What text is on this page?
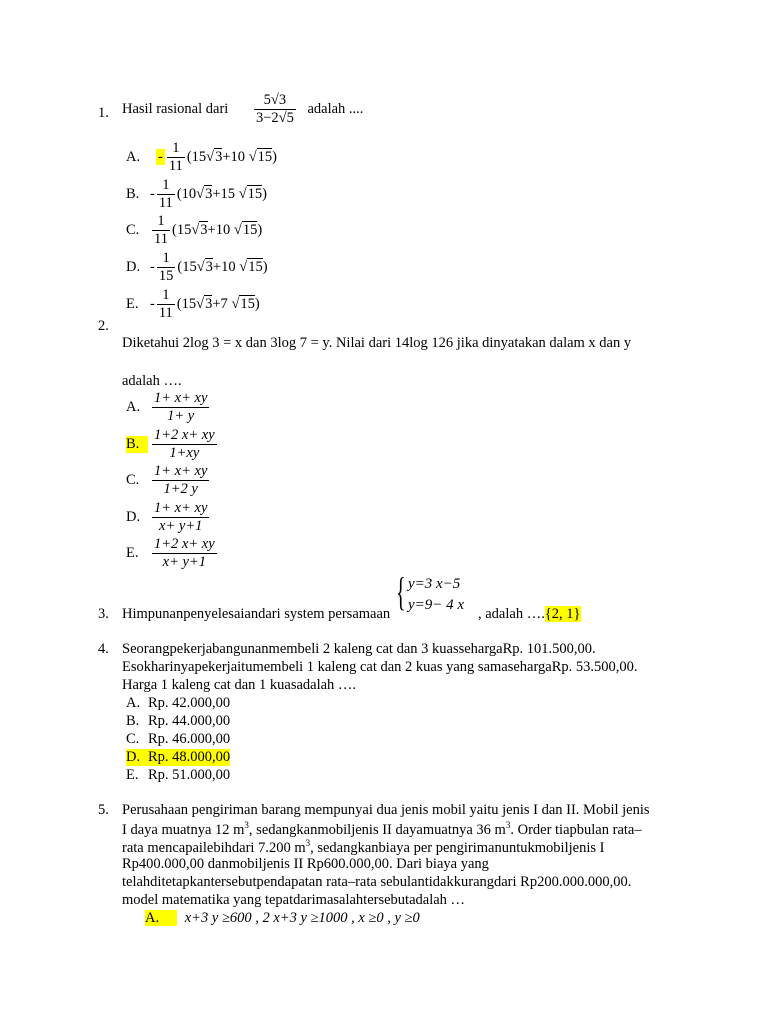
1. Hasil rasional dari $\frac{5√3}{3-2√5}$ adalah ....
A. - $\frac{1}{11} (15√3+10$ √15)
B. - $\frac{1}{11} (10√3+15$ √15)
C. $\frac{1}{11} (15√3+10$ √15)
D. - $\frac{1}{15} (15√3+10$ √15)
E. - $\frac{1}{11} (15√3+7$ √15)
2.
Diketahui 2log 3 = x dan 3log 7 = y. Nilai dari 14log 126 jika dinyatakan dalam x dan y
adalah ….
A. $\frac{1+ x+ xy}{1+ y}$
B. $\frac{1+2 x+ xy}{1+xy}$
C. $\frac{1+ x+ xy}{1+2 y}$
D. $\frac{1+ x+ xy}{x+ y+1}$
E. $\frac{1+2 x+ xy}{x+ y+1}$
3. Himpunanpenyelesaiandari system persamaan { y=3 x−5
y=9− 4 x
, adalah ….{2, 1}
4. Seorangpekerjabangunanmembeli 2 kaleng cat dan 3 kuassehargaRp. 101.500,00.
Esokharinyapekerjaitumembeli 1 kaleng cat dan 2 kuas yang samasehargaRp. 53.500,00.
Harga 1 kaleng cat dan 1 kuasadalah ….
A. Rp. 42.000,00
B. Rp. 44.000,00
C. Rp. 46.000,00
D. Rp. 48.000,00
E. Rp. 51.000,00
5. Perusahaan pengiriman barang mempunyai dua jenis mobil yaitu jenis I dan II. Mobil jenis
I daya muatnya 12 $m^3$, sedangkanmobiljenis II dayamuatnya 36 $m^3$. Order tiapbulan rata–
rata mencapailebihdari 7.200 $m^3$, sedangkanbiaya per pengirimanuntukmobiljenis I
Rp400.000,00 danmobiljenis II Rp600.000,00. Dari biaya yang
telahditetapkantersebutpendapatan rata–rata sebulantidakkurangdari Rp200.000.000,00.
model matematika yang tepatdarimasalahtersebutadalah …
A. x+3 y ≥600 , 2 x+3 y ≥1000 , x ≥0 , y ≥0
